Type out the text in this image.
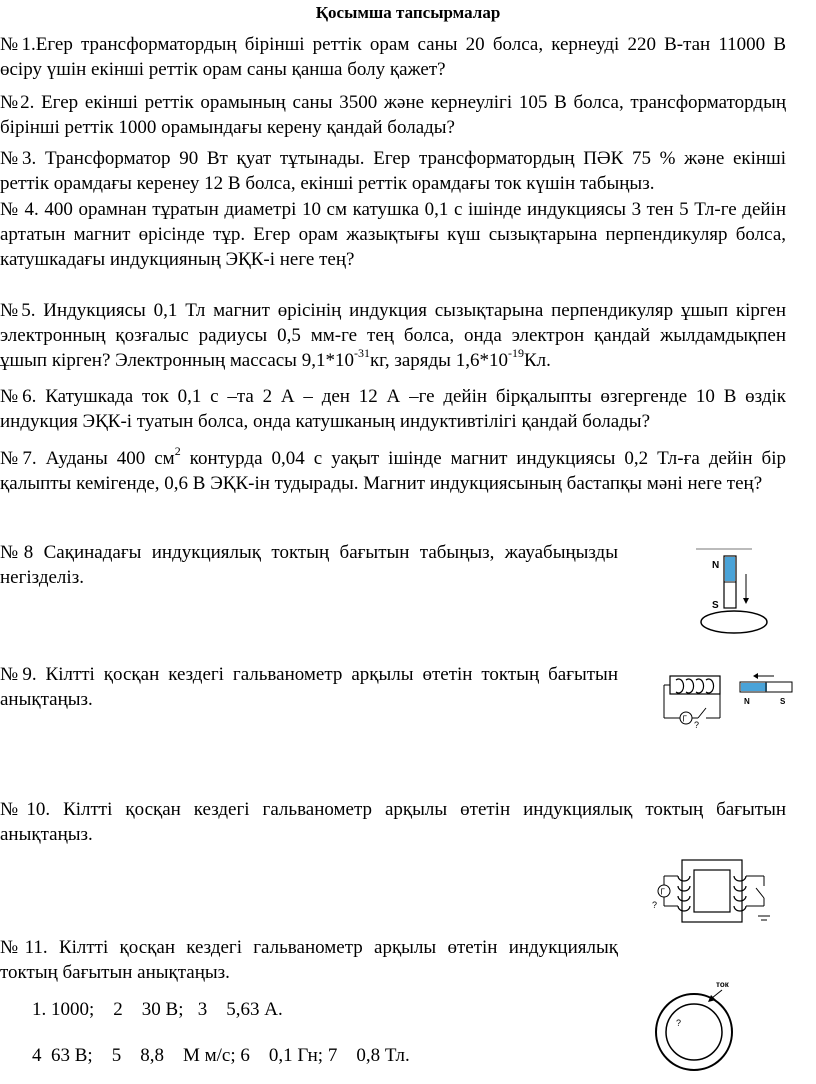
Қосымша тапсырмалар
№1.Егер трансформатордың бірінші реттік орам саны 20 болса, кернеуді 220 В-тан 11000 В өсіру үшін екінші реттік орам саны қанша болу қажет?
№2. Егер екінші реттік орамының саны 3500 және кернеулігі 105 В болса, трансформатордың бірінші реттік 1000 орамындағы керену қандай болады?
№3. Трансформатор 90 Вт қуат тұтынады. Егер трансформатордың ПӘК 75 % және екінші реттік орамдағы кеpенеу 12 В болса, екінші реттік орамдағы ток күшін табыңыз.
№ 4. 400 орамнан тұратын диаметрі 10 см катушка 0,1 с ішінде индукциясы 3 тен 5 Тл-ге дейін артатын магнит өрісінде тұр. Егер орам жазықтығы күш сызықтарына перпендикуляр болса, катушкадағы индукцияның ЭҚК-і неге тең?
№5. Индукциясы 0,1 Тл магнит өрісінің индукция сызықтарына перпендикуляр ұшып кірген электронның қозғалыс радиусы 0,5 мм-ге тең болса, онда электрон қандай жылдамдықпен ұшып кірген? Электронның массасы $9,1*10^{-31}кг$, заряды $1,6*10^{-19}Кл$.
№6. Катушкада ток 0,1 с –та 2 А – ден 12 А –ге дейін бірқалыпты өзгергенде 10 В өздік индукция ЭҚК-і туатын болса, онда катушканың индуктивтілігі қандай болады?
№7. Ауданы 400 $см^2$ контурда 0,04 с уақыт ішінде магнит индукциясы 0,2 Тл-ға дейін бір қалыпты кемігенде, 0,6 В ЭҚК-ін тудырады. Магнит индукциясының бастапқы мәні неге тең?
№8 Сақинадағы индукциялық токтың бағытын табыңыз, жауабыңызды негізделіз.
№9. Кілтті қосқан кездегі гальванометр арқылы өтетін токтың бағытын анықтаңыз.
№10. Кілтті қосқан кездегі гальванометр арқылы өтетін индукциялық токтың бағытын анықтаңыз.
№11. Кілтті қосқан кездегі гальванометр арқылы өтетін индукциялық токтың бағытын анықтаңыз.
1. 1000;    2    30 В;   3    5,63 А.
4  63 В;    5    8,8    М м/с; 6    0,1 Гн; 7    0,8 Тл.
N
S
Г
?
N	S
Г
?
ток
?
